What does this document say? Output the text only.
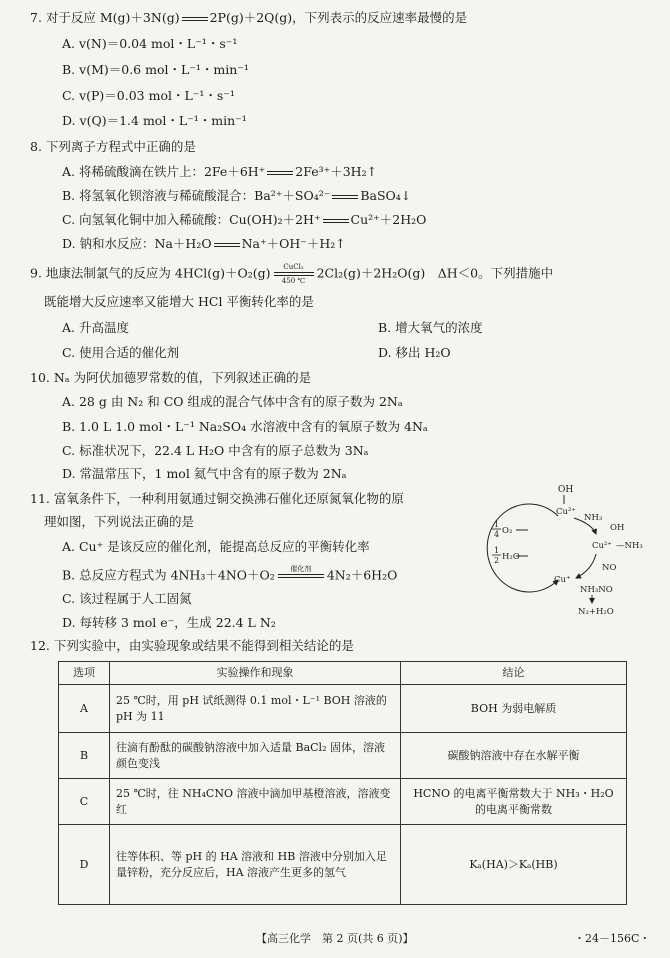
7. 对于反应 M(g)＋3N(g) 2P(g)＋2Q(g)，下列表示的反应速率最慢的是
A. v(N)＝0.04 mol・L⁻¹・s⁻¹
B. v(M)＝0.6 mol・L⁻¹・min⁻¹
C. v(P)＝0.03 mol・L⁻¹・s⁻¹
D. v(Q)＝1.4 mol・L⁻¹・min⁻¹
8. 下列离子方程式中正确的是
A. 将稀硫酸滴在铁片上：2Fe＋6H⁺ 2Fe³⁺＋3H₂↑
B. 将氢氧化钡溶液与稀硫酸混合：Ba²⁺＋SO₄²⁻ BaSO₄↓
C. 向氢氧化铜中加入稀硫酸：Cu(OH)₂＋2H⁺ Cu²⁺＋2H₂O
D. 钠和水反应：Na＋H₂O Na⁺＋OH⁻＋H₂↑
9. 地康法制氯气的反应为 4HCl(g)＋O₂(g)	CuCl₂
450 ℃
2Cl₂(g)＋2H₂O(g)　ΔH＜0。下列措施中
既能增大反应速率又能增大 HCl 平衡转化率的是
A. 升高温度	B. 增大氧气的浓度
C. 使用合适的催化剂	D. 移出 H₂O
10. Nₐ 为阿伏加德罗常数的值，下列叙述正确的是
A. 28 g 由 N₂ 和 CO 组成的混合气体中含有的原子数为 2Nₐ
B. 1.0 L 1.0 mol・L⁻¹ Na₂SO₄ 水溶液中含有的氧原子数为 4Nₐ
C. 标准状况下，22.4 L H₂O 中含有的原子总数为 3Nₐ
D. 常温常压下，1 mol 氦气中含有的原子数为 2Nₐ
11. 富氧条件下，一种利用氨通过铜交换沸石催化还原氮氧化物的原
理如图，下列说法正确的是
A. Cu⁺ 是该反应的催化剂，能提高总反应的平衡转化率
B. 总反应方程式为 4NH₃＋4NO＋O₂	催化剂	4N₂＋6H₂O
C. 该过程属于人工固氮
D. 每转移 3 mol e⁻，生成 22.4 L N₂
OH
Cu²⁺
NH₃
OH
Cu²⁺ —NH₃
NO
Cu⁺
NH₃NO
N₂+H₂O
1
4 O₂
1
2 H₂O
12. 下列实验中，由实验现象或结果不能得到相关结论的是
选项	实验操作和现象	结论
A	25 ℃时，用 pH 试纸测得 0.1 mol・L⁻¹ BOH 溶液的 pH 为 11	BOH 为弱电解质
B	往滴有酚酞的碳酸钠溶液中加入适量 BaCl₂ 固体，溶液颜色变浅	碳酸钠溶液中存在水解平衡
C	25 ℃时，往 NH₄CNO 溶液中滴加甲基橙溶液，溶液变红	HCNO 的电离平衡常数大于 NH₃・H₂O 的电离平衡常数
D	往等体积、等 pH 的 HA 溶液和 HB 溶液中分别加入足量锌粉，充分反应后，HA 溶液产生更多的氢气	Kₐ(HA)＞Kₐ(HB)
【高三化学　第 2 页(共 6 页)】	・24－156C・
